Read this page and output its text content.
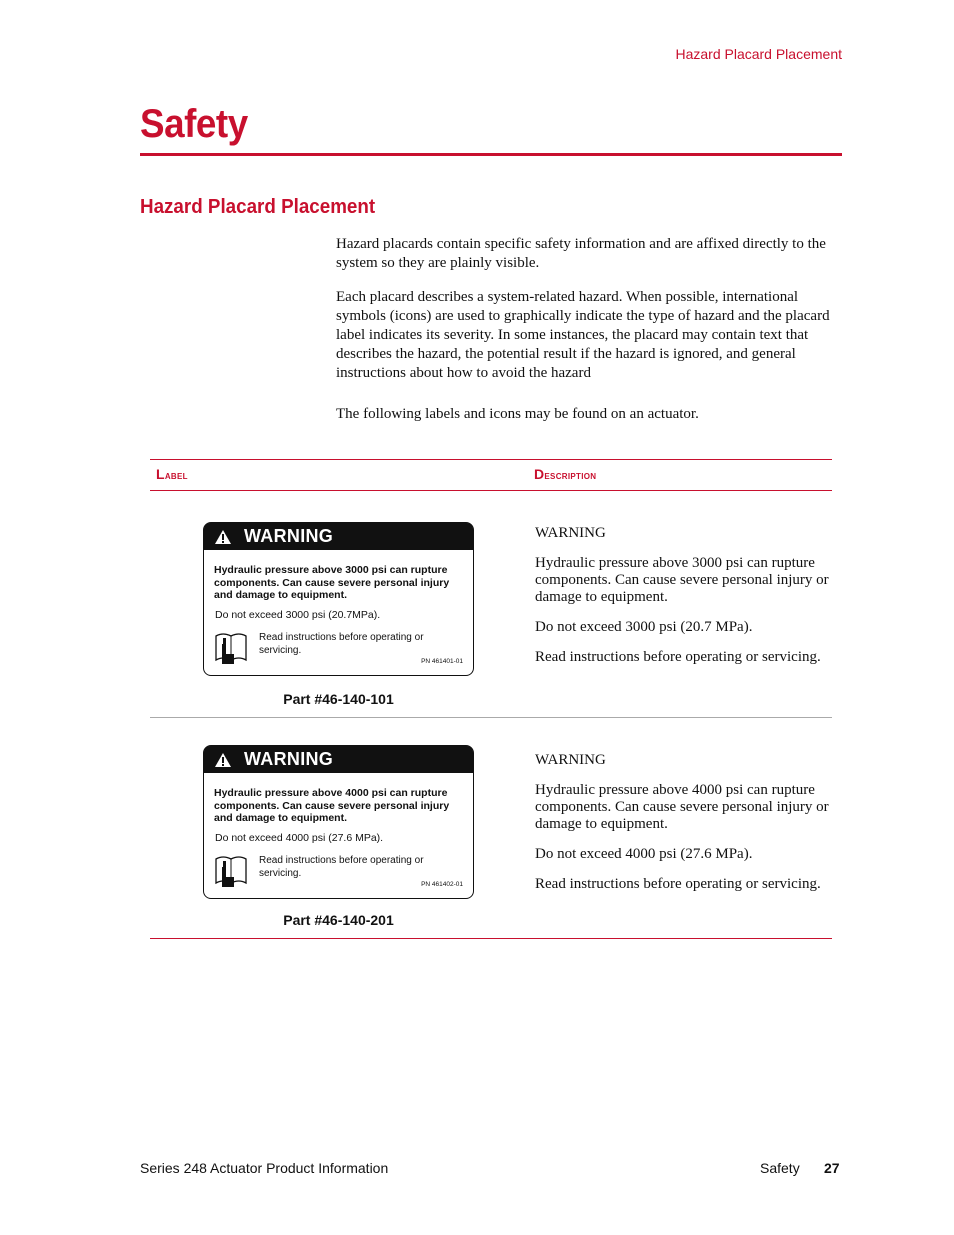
Hazard Placard Placement
Safety
Hazard Placard Placement
Hazard placards contain specific safety information and are affixed directly to the system so they are plainly visible.
Each placard describes a system-related hazard. When possible, international symbols (icons) are used to graphically indicate the type of hazard and the placard label indicates its severity. In some instances, the placard may contain text that describes the hazard, the potential result if the hazard is ignored, and general instructions about how to avoid the hazard
The following labels and icons may be found on an actuator.
Label	Description
WARNING
Hydraulic pressure above 3000 psi can rupture components. Can cause severe personal injury and damage to equipment.
Do not exceed 3000 psi (20.7MPa).
Read instructions before operating or servicing.
PN 461401-01
Part #46-140-101
WARNING
Hydraulic pressure above 3000 psi can rupture components. Can cause severe personal injury or damage to equipment.
Do not exceed 3000 psi (20.7 MPa).
Read instructions before operating or servicing.
WARNING
Hydraulic pressure above 4000 psi can rupture components. Can cause severe personal injury and damage to equipment.
Do not exceed 4000 psi (27.6 MPa).
Read instructions before operating or servicing.
PN 461402-01
Part #46-140-201
WARNING
Hydraulic pressure above 4000 psi can rupture components. Can cause severe personal injury or damage to equipment.
Do not exceed 4000 psi (27.6 MPa).
Read instructions before operating or servicing.
Series 248 Actuator Product Information	Safety 27
